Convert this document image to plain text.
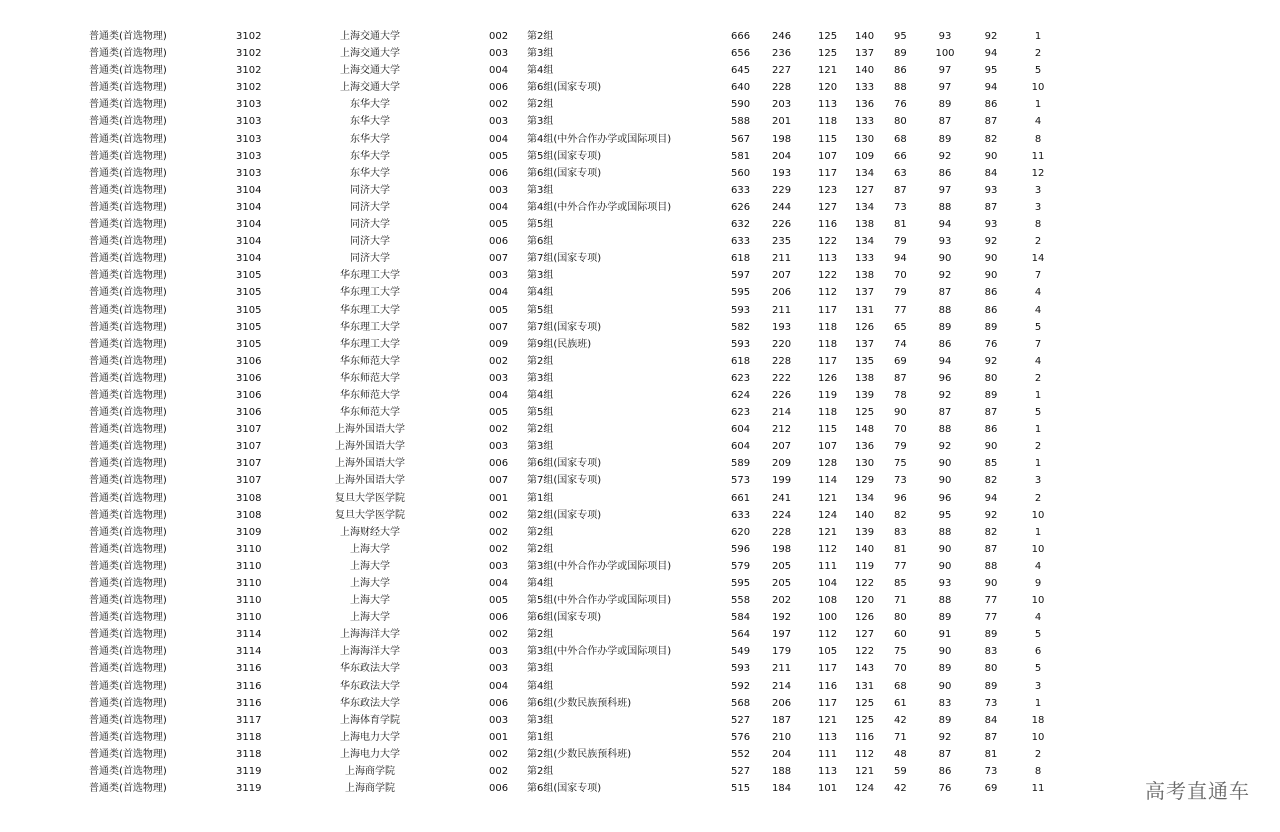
普通类(首选物理)	3102	上海交通大学	002 第2组	666 246	125 140 95	93	92	1
普通类(首选物理)	3102	上海交通大学	003 第3组	656 236	125 137 89	100	94	2
普通类(首选物理)	3102	上海交通大学	004 第4组	645 227	121 140 86	97	95	5
普通类(首选物理)	3102	上海交通大学	006 第6组(国家专项)	640 228	120 133 88	97	94	10
普通类(首选物理)	3103	东华大学	002 第2组	590 203	113 136 76	89	86	1
普通类(首选物理)	3103	东华大学	003 第3组	588 201	118 133 80	87	87	4
普通类(首选物理)	3103	东华大学	004 第4组(中外合作办学或国际项目)	567 198	115 130 68	89	82	8
普通类(首选物理)	3103	东华大学	005 第5组(国家专项)	581 204	107 109 66	92	90	11
普通类(首选物理)	3103	东华大学	006 第6组(国家专项)	560 193	117 134 63	86	84	12
普通类(首选物理)	3104	同济大学	003 第3组	633 229	123 127 87	97	93	3
普通类(首选物理)	3104	同济大学	004 第4组(中外合作办学或国际项目)	626 244	127 134 73	88	87	3
普通类(首选物理)	3104	同济大学	005 第5组	632 226	116 138 81	94	93	8
普通类(首选物理)	3104	同济大学	006 第6组	633 235	122 134 79	93	92	2
普通类(首选物理)	3104	同济大学	007 第7组(国家专项)	618 211	113 133 94	90	90	14
普通类(首选物理)	3105	华东理工大学	003 第3组	597 207	122 138 70	92	90	7
普通类(首选物理)	3105	华东理工大学	004 第4组	595 206	112 137 79	87	86	4
普通类(首选物理)	3105	华东理工大学	005 第5组	593 211	117 131 77	88	86	4
普通类(首选物理)	3105	华东理工大学	007 第7组(国家专项)	582 193	118 126 65	89	89	5
普通类(首选物理)	3105	华东理工大学	009 第9组(民族班)	593 220	118 137 74	86	76	7
普通类(首选物理)	3106	华东师范大学	002 第2组	618 228	117 135 69	94	92	4
普通类(首选物理)	3106	华东师范大学	003 第3组	623 222	126 138 87	96	80	2
普通类(首选物理)	3106	华东师范大学	004 第4组	624 226	119 139 78	92	89	1
普通类(首选物理)	3106	华东师范大学	005 第5组	623 214	118 125 90	87	87	5
普通类(首选物理)	3107	上海外国语大学	002 第2组	604 212	115 148 70	88	86	1
普通类(首选物理)	3107	上海外国语大学	003 第3组	604 207	107 136 79	92	90	2
普通类(首选物理)	3107	上海外国语大学	006 第6组(国家专项)	589 209	128 130 75	90	85	1
普通类(首选物理)	3107	上海外国语大学	007 第7组(国家专项)	573 199	114 129 73	90	82	3
普通类(首选物理)	3108	复旦大学医学院	001 第1组	661 241	121 134 96	96	94	2
普通类(首选物理)	3108	复旦大学医学院	002 第2组(国家专项)	633 224	124 140 82	95	92	10
普通类(首选物理)	3109	上海财经大学	002 第2组	620 228	121 139 83	88	82	1
普通类(首选物理)	3110	上海大学	002 第2组	596 198	112 140 81	90	87	10
普通类(首选物理)	3110	上海大学	003 第3组(中外合作办学或国际项目)	579 205	111 119 77	90	88	4
普通类(首选物理)	3110	上海大学	004 第4组	595 205	104 122 85	93	90	9
普通类(首选物理)	3110	上海大学	005 第5组(中外合作办学或国际项目)	558 202	108 120 71	88	77	10
普通类(首选物理)	3110	上海大学	006 第6组(国家专项)	584 192	100 126 80	89	77	4
普通类(首选物理)	3114	上海海洋大学	002 第2组	564 197	112 127 60	91	89	5
普通类(首选物理)	3114	上海海洋大学	003 第3组(中外合作办学或国际项目)	549 179	105 122 75	90	83	6
普通类(首选物理)	3116	华东政法大学	003 第3组	593 211	117 143 70	89	80	5
普通类(首选物理)	3116	华东政法大学	004 第4组	592 214	116 131 68	90	89	3
普通类(首选物理)	3116	华东政法大学	006 第6组(少数民族预科班)	568 206	117 125 61	83	73	1
普通类(首选物理)	3117	上海体育学院	003 第3组	527 187	121 125 42	89	84	18
普通类(首选物理)	3118	上海电力大学	001 第1组	576 210	113 116 71	92	87	10
普通类(首选物理)	3118	上海电力大学	002 第2组(少数民族预科班)	552 204	111 112 48	87	81	2
普通类(首选物理)	3119	上海商学院	002 第2组	527 188	113 121 59	86	73	8
普通类(首选物理)	3119	上海商学院	006 第6组(国家专项)	515 184	101 124 42	76	69	11	高考直通车
